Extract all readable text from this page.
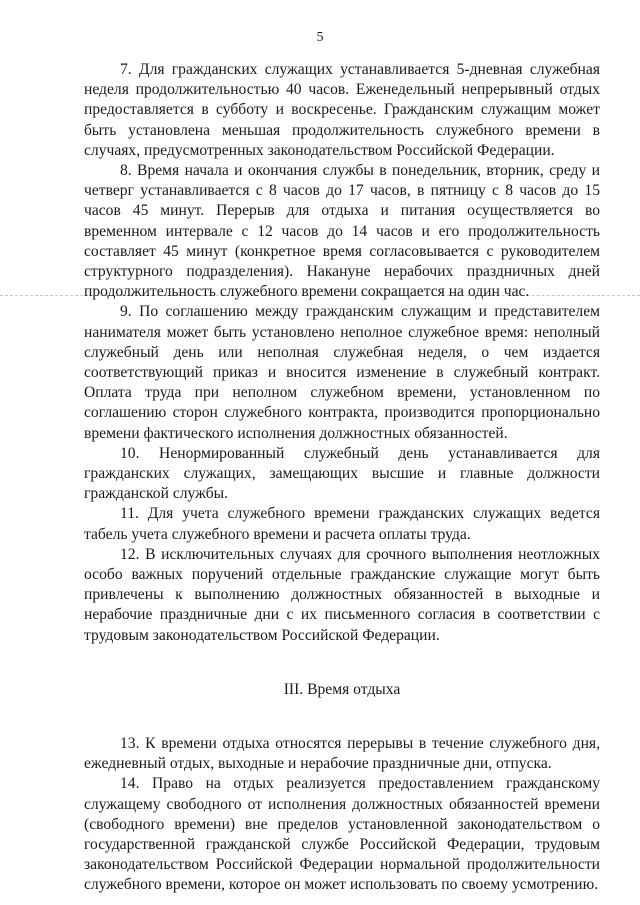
5

7. Для гражданских служащих устанавливается 5-дневная служебная неделя продолжительностью 40 часов. Еженедельный непрерывный отдых предоставляется в субботу и воскресенье. Гражданским служащим может быть установлена меньшая продолжительность служебного времени в случаях, предусмотренных законодательством Российской Федерации.

8. Время начала и окончания службы в понедельник, вторник, среду и четверг устанавливается с 8 часов до 17 часов, в пятницу с 8 часов до 15 часов 45 минут. Перерыв для отдыха и питания осуществляется во временном интервале с 12 часов до 14 часов и его продолжительность составляет 45 минут (конкретное время согласовывается с руководителем структурного подразделения). Накануне нерабочих праздничных дней продолжительность служебного времени сокращается на один час.

9. По соглашению между гражданским служащим и представителем нанимателя может быть установлено неполное служебное время: неполный служебный день или неполная служебная неделя, о чем издается соответствующий приказ и вносится изменение в служебный контракт. Оплата труда при неполном служебном времени, установленном по соглашению сторон служебного контракта, производится пропорционально времени фактического исполнения должностных обязанностей.

10. Ненормированный служебный день устанавливается для гражданских служащих, замещающих высшие и главные должности гражданской службы.

11. Для учета служебного времени гражданских служащих ведется табель учета служебного времени и расчета оплаты труда.

12. В исключительных случаях для срочного выполнения неотложных особо важных поручений отдельные гражданские служащие могут быть привлечены к выполнению должностных обязанностей в выходные и нерабочие праздничные дни с их письменного согласия в соответствии с трудовым законодательством Российской Федерации.

III. Время отдыха

13. К времени отдыха относятся перерывы в течение служебного дня, ежедневный отдых, выходные и нерабочие праздничные дни, отпуска.

14. Право на отдых реализуется предоставлением гражданскому служащему свободного от исполнения должностных обязанностей времени (свободного времени) вне пределов установленной законодательством о государственной гражданской службе Российской Федерации, трудовым законодательством Российской Федерации нормальной продолжительности служебного времени, которое он может использовать по своему усмотрению.
